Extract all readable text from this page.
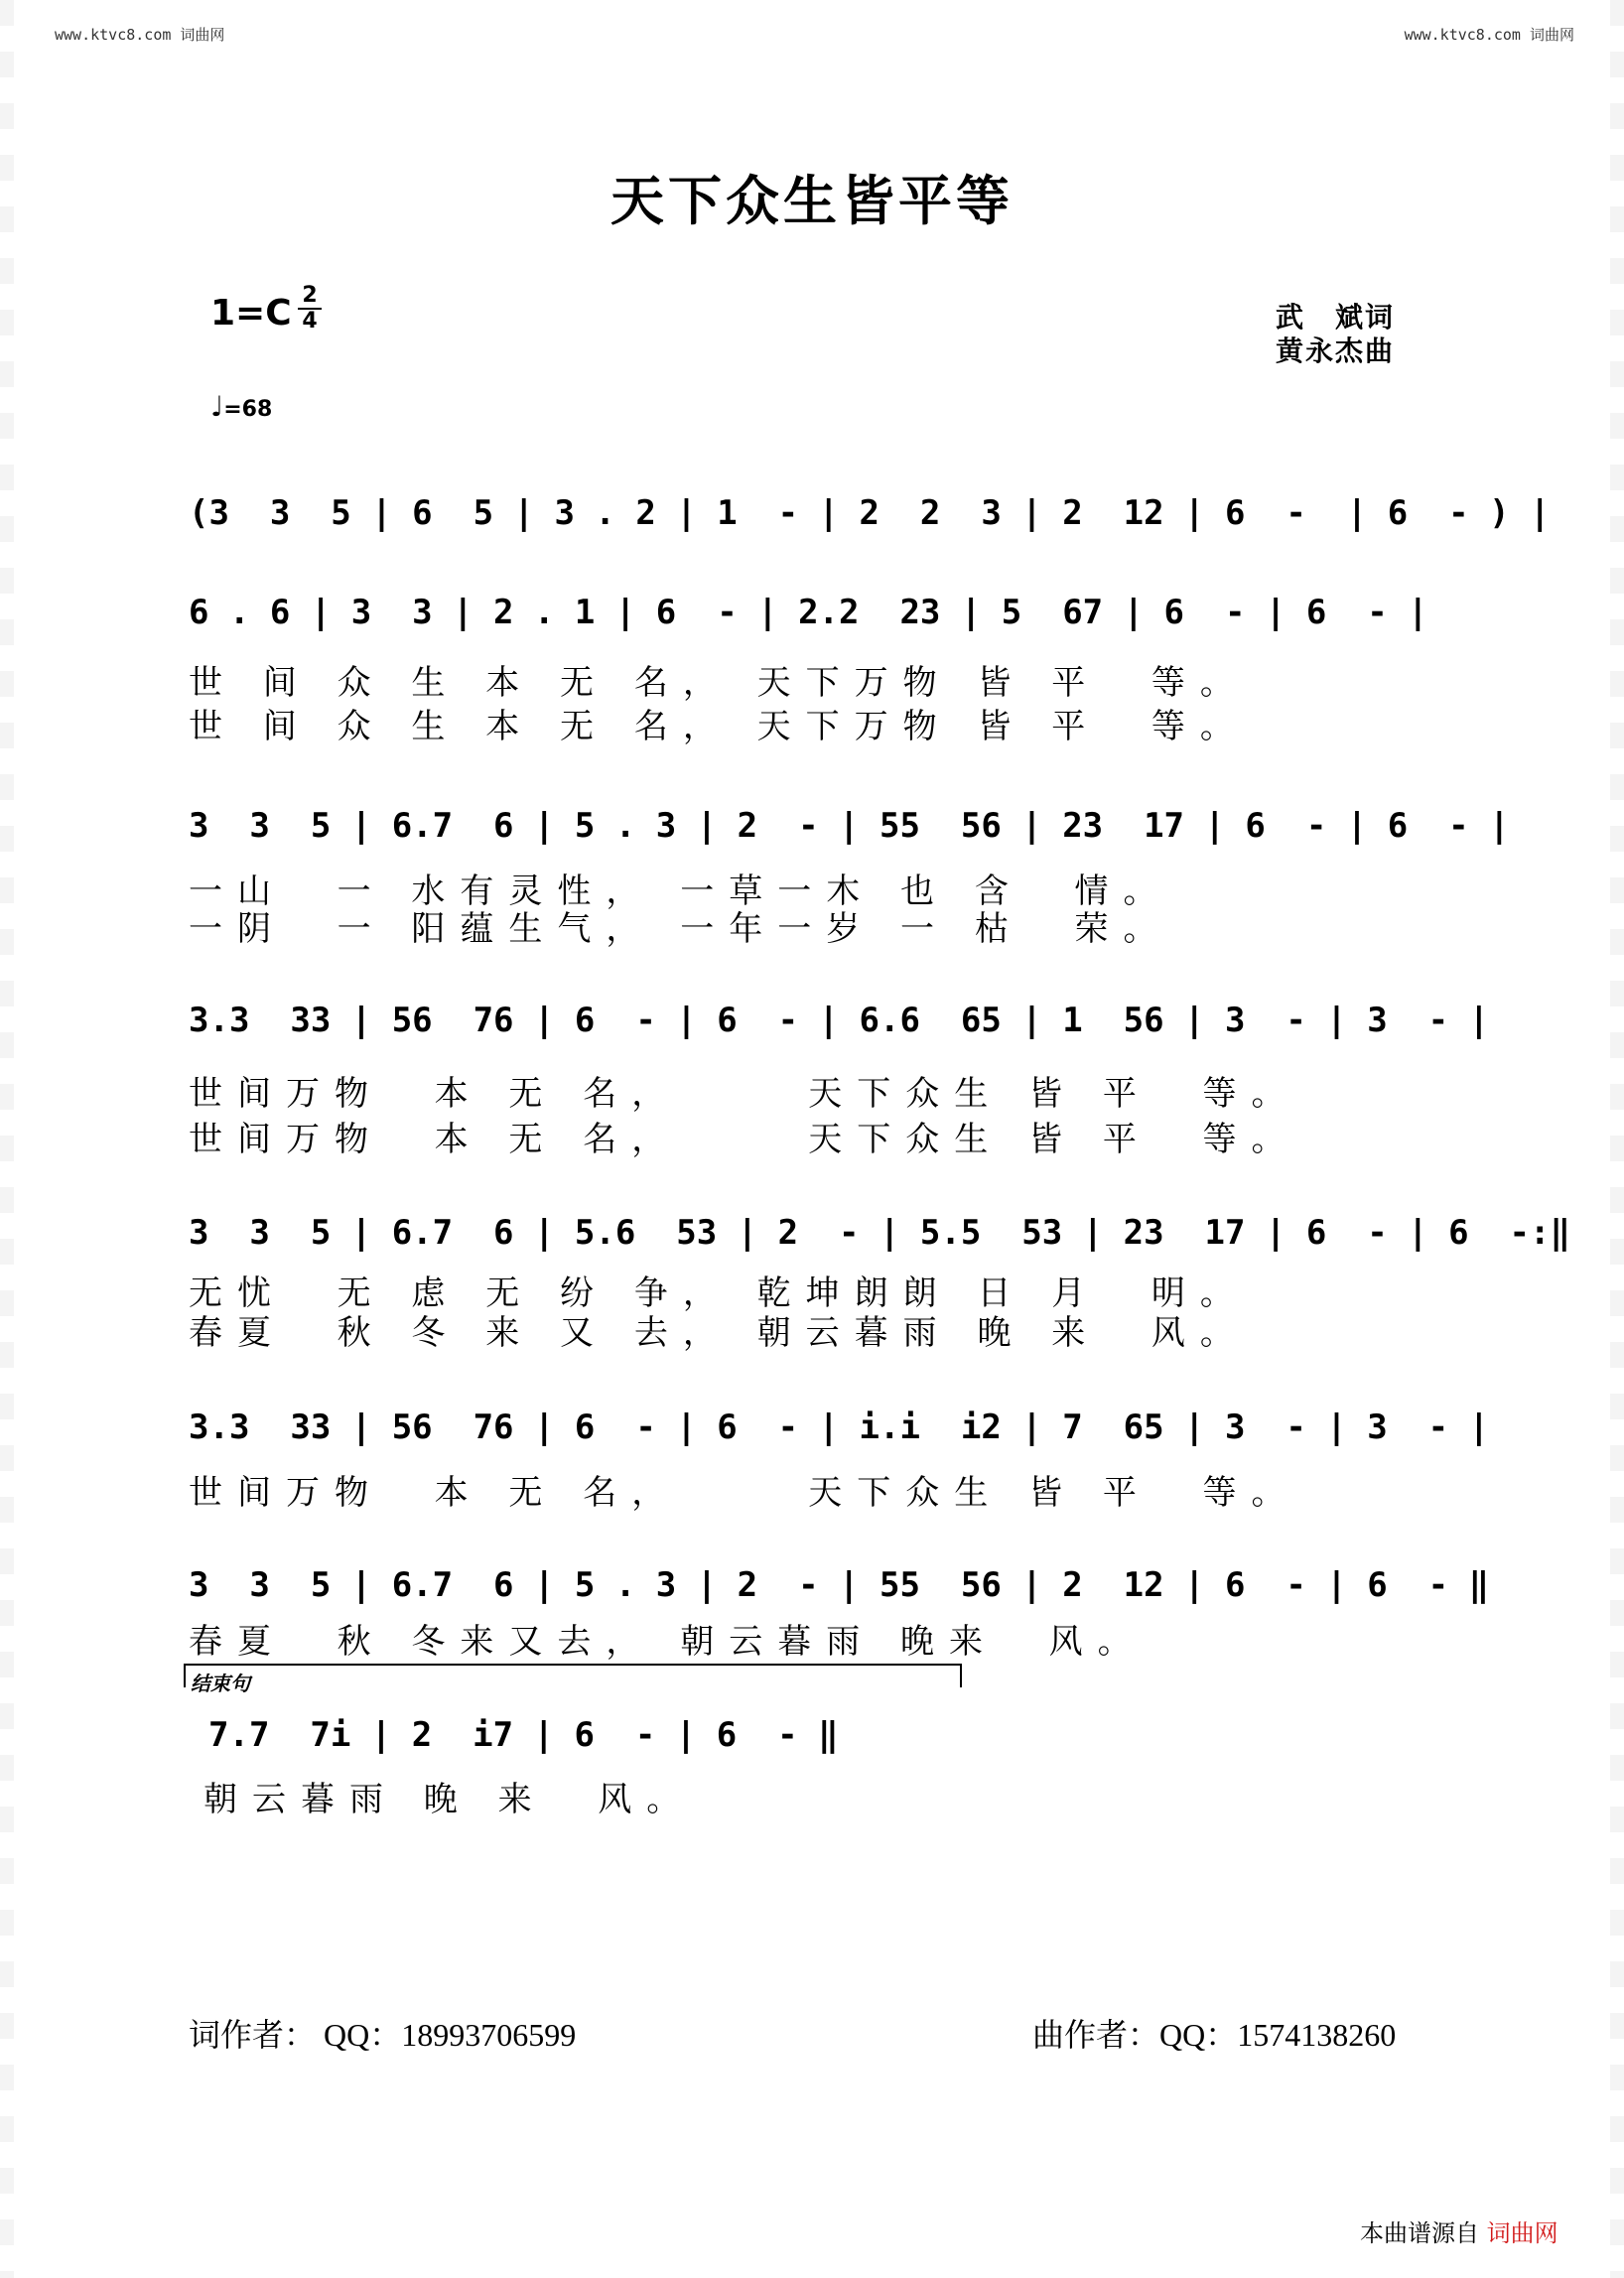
www.ktvc8.com 词曲网	www.ktvc8.com 词曲网
天下众生皆平等
1=C 2
4
♩=68
武　斌词
黄永杰曲
(3  3  5 | 6  5 | 3 . 2 | 1  - | 2  2  3 | 2  12 | 6  -  | 6  - ) |
6 . 6 | 3  3 | 2 . 1 | 6  - | 2.2  23 | 5  67 | 6  - | 6  - |
世 间 众 生 本 无 名， 天下万物 皆 平  等。
世 间 众 生 本 无 名， 天下万物 皆 平  等。
3  3  5 | 6.7  6 | 5 . 3 | 2  - | 55  56 | 23  17 | 6  - | 6  - |
一山  一 水有灵性， 一草一木 也 含  情。
一阴  一 阳蕴生气， 一年一岁 一 枯  荣。
3.3  33 | 56  76 | 6  - | 6  - | 6.6  65 | 1  56 | 3  - | 3  - |
世间万物  本 无 名，     天下众生 皆 平  等。
世间万物  本 无 名，     天下众生 皆 平  等。
3  3  5 | 6.7  6 | 5.6  53 | 2  - | 5.5  53 | 23  17 | 6  - | 6  -:‖
无忧  无 虑 无 纷 争， 乾坤朗朗 日 月  明。
春夏  秋 冬 来 又 去， 朝云暮雨 晚 来  风。
3.3  33 | 56  76 | 6  - | 6  - | i.i  i2 | 7  65 | 3  - | 3  - |
世间万物  本 无 名，     天下众生 皆 平  等。
3  3  5 | 6.7  6 | 5 . 3 | 2  - | 55  56 | 2  12 | 6  - | 6  - ‖
春夏  秋 冬来又去， 朝云暮雨 晚来  风。
结束句
7.7  7i | 2  i7 | 6  - | 6  - ‖
朝云暮雨 晚 来  风。
词作者： QQ：18993706599	曲作者：QQ：1574138260
本曲谱源自 词曲网
